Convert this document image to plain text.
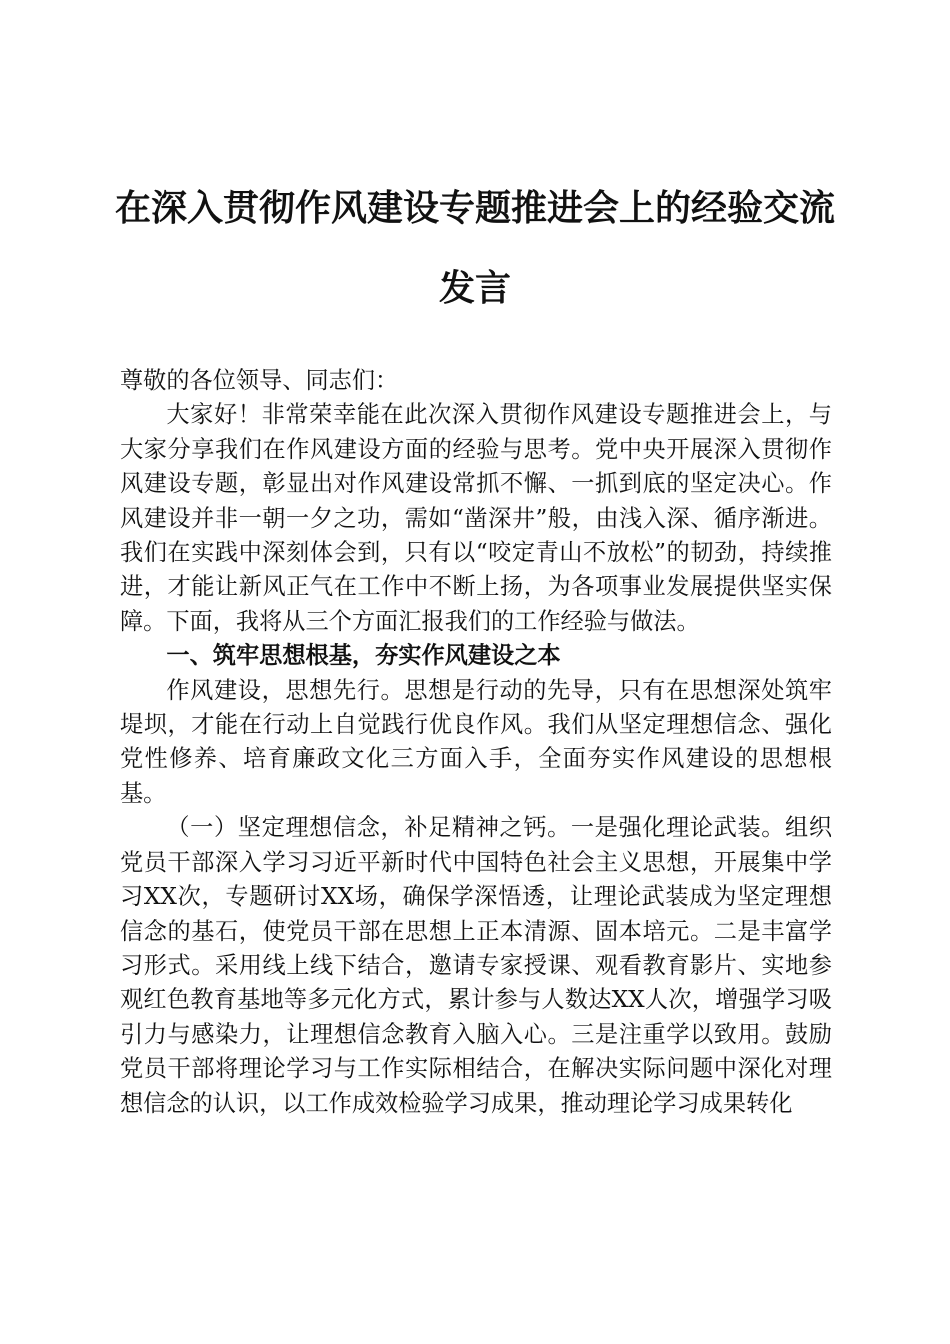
在深入贯彻作风建设专题推进会上的经验交流发言

尊敬的各位领导、同志们：

大家好！非常荣幸能在此次深入贯彻作风建设专题推进会上，与大家分享我们在作风建设方面的经验与思考。党中央开展深入贯彻作风建设专题，彰显出对作风建设常抓不懈、一抓到底的坚定决心。作风建设并非一朝一夕之功，需如“凿深井”般，由浅入深、循序渐进。我们在实践中深刻体会到，只有以“咬定青山不放松”的韧劲，持续推进，才能让新风正气在工作中不断上扬，为各项事业发展提供坚实保障。下面，我将从三个方面汇报我们的工作经验与做法。

一、筑牢思想根基，夯实作风建设之本

作风建设，思想先行。思想是行动的先导，只有在思想深处筑牢堤坝，才能在行动上自觉践行优良作风。我们从坚定理想信念、强化党性修养、培育廉政文化三方面入手，全面夯实作风建设的思想根基。

（一）坚定理想信念，补足精神之钙。一是强化理论武装。组织党员干部深入学习习近平新时代中国特色社会主义思想，开展集中学习XX次，专题研讨XX场，确保学深悟透，让理论武装成为坚定理想信念的基石，使党员干部在思想上正本清源、固本培元。二是丰富学习形式。采用线上线下结合，邀请专家授课、观看教育影片、实地参观红色教育基地等多元化方式，累计参与人数达XX人次，增强学习吸引力与感染力，让理想信念教育入脑入心。三是注重学以致用。鼓励党员干部将理论学习与工作实际相结合，在解决实际问题中深化对理想信念的认识，以工作成效检验学习成果，推动理论学习成果转化
